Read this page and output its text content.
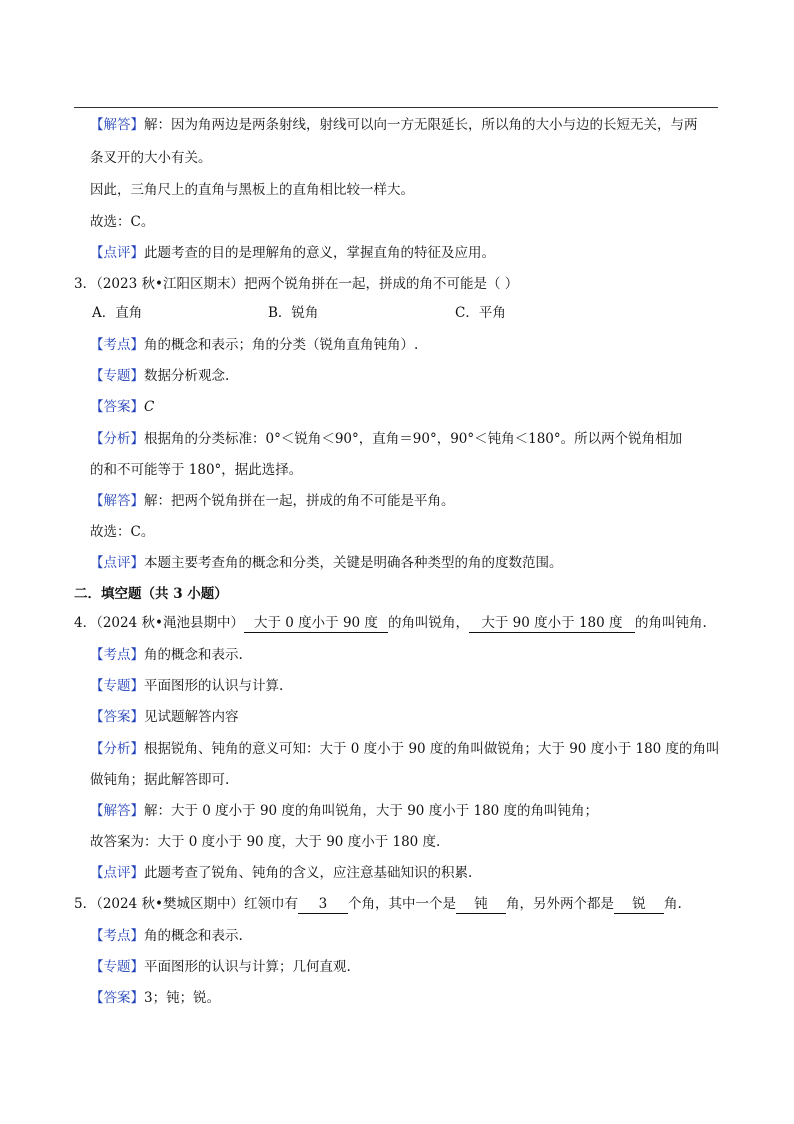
【解答】解：因为角两边是两条射线，射线可以向一方无限延长，所以角的大小与边的长短无关，与两
条叉开的大小有关。
因此，三角尺上的直角与黑板上的直角相比较一样大。
故选：C。
【点评】此题考查的目的是理解角的意义，掌握直角的特征及应用。
3．（2023 秋•江阳区期末）把两个锐角拼在一起，拼成的角不可能是（ ）
A．直角	B．锐角	C．平角
【考点】角的概念和表示；角的分类（锐角直角钝角）.
【专题】数据分析观念.
【答案】C
【分析】根据角的分类标准：0°＜锐角＜90°，直角＝90°，90°＜钝角＜180°。所以两个锐角相加
的和不可能等于 180°，据此选择。
【解答】解：把两个锐角拼在一起，拼成的角不可能是平角。
故选：C。
【点评】本题主要考查角的概念和分类，关键是明确各种类型的角的度数范围。
二．填空题（共 3 小题）
4．（2024 秋•渑池县期中） 大于 0 度小于 90 度 的角叫锐角， 大于 90 度小于 180 度 的角叫钝角.
【考点】角的概念和表示.
【专题】平面图形的认识与计算.
【答案】见试题解答内容
【分析】根据锐角、钝角的意义可知：大于 0 度小于 90 度的角叫做锐角；大于 90 度小于 180 度的角叫
做钝角；据此解答即可.
【解答】解：大于 0 度小于 90 度的角叫锐角，大于 90 度小于 180 度的角叫钝角；
故答案为：大于 0 度小于 90 度，大于 90 度小于 180 度.
【点评】此题考查了锐角、钝角的含义，应注意基础知识的积累.
5．（2024 秋•樊城区期中）红领巾有 3 个角，其中一个是 钝 角，另外两个都是 锐 角.
【考点】角的概念和表示.
【专题】平面图形的认识与计算；几何直观.
【答案】3；钝；锐。
